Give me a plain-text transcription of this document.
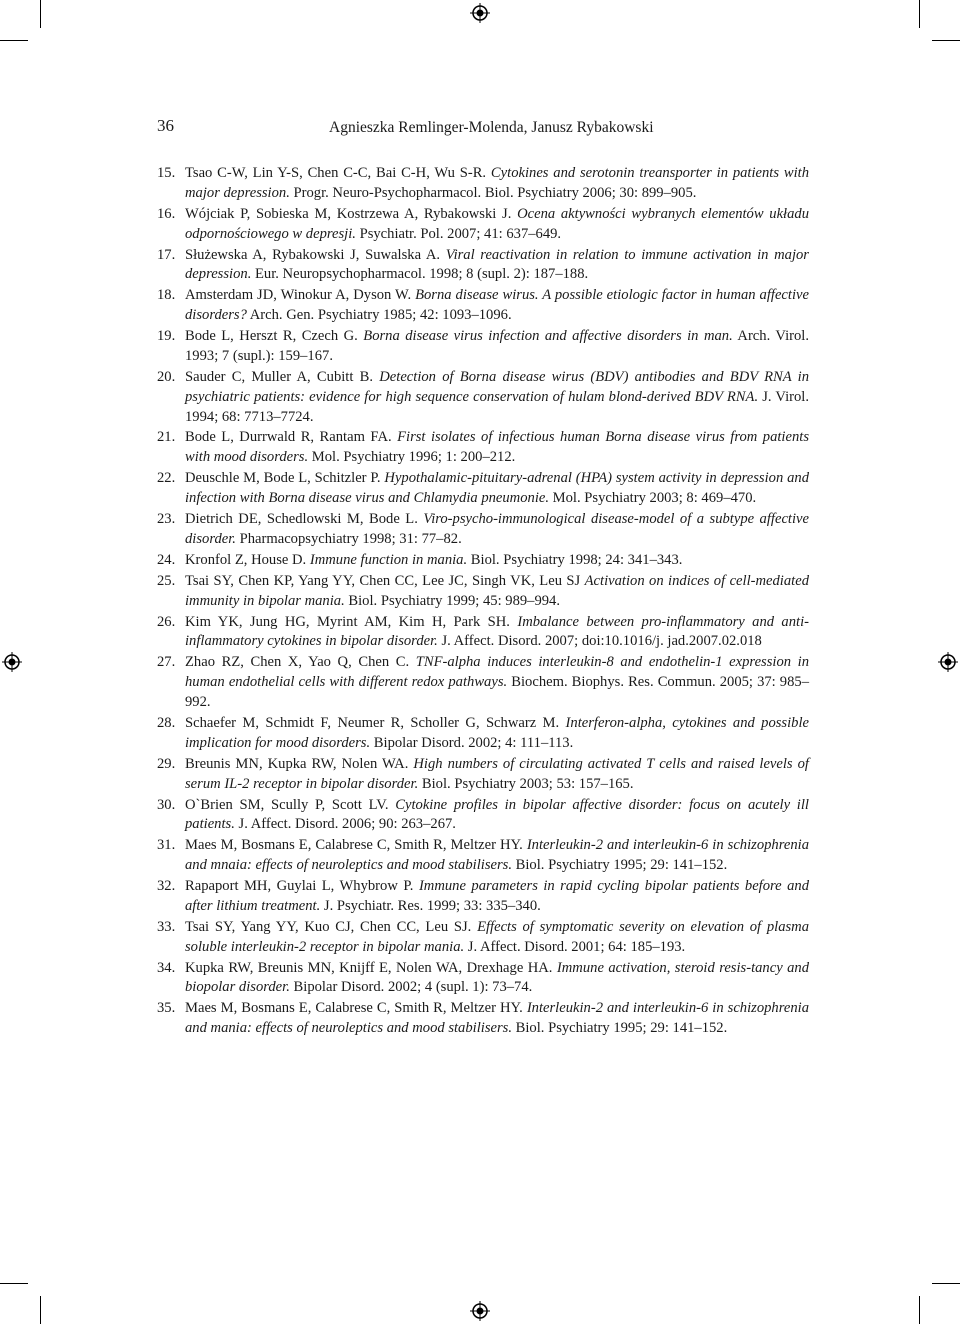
36	Agnieszka Remlinger-Molenda, Janusz Rybakowski
15. Tsao C-W, Lin Y-S, Chen C-C, Bai C-H, Wu S-R. Cytokines and serotonin treansporter in patients with major depression. Progr. Neuro-Psychopharmacol. Biol. Psychiatry 2006; 30: 899–905.
16. Wójciak P, Sobieska M, Kostrzewa A, Rybakowski J. Ocena aktywności wybranych elementów układu odpornościowego w depresji. Psychiatr. Pol. 2007; 41: 637–649.
17. Służewska A, Rybakowski J, Suwalska A. Viral reactivation in relation to immune activation in major depression. Eur. Neuropsychopharmacol. 1998; 8 (supl. 2): 187–188.
18. Amsterdam JD, Winokur A, Dyson W. Borna disease wirus. A possible etiologic factor in human affective disorders? Arch. Gen. Psychiatry 1985; 42: 1093–1096.
19. Bode L, Herszt R, Czech G. Borna disease virus infection and affective disorders in man. Arch. Virol. 1993; 7 (supl.): 159–167.
20. Sauder C, Muller A, Cubitt B. Detection of Borna disease wirus (BDV) antibodies and BDV RNA in psychiatric patients: evidence for high sequence conservation of hulam blond-derived BDV RNA. J. Virol. 1994; 68: 7713–7724.
21. Bode L, Durrwald R, Rantam FA. First isolates of infectious human Borna disease virus from patients with mood disorders. Mol. Psychiatry 1996; 1: 200–212.
22. Deuschle M, Bode L, Schitzler P. Hypothalamic-pituitary-adrenal (HPA) system activity in depression and infection with Borna disease virus and Chlamydia pneumonie. Mol. Psychiatry 2003; 8: 469–470.
23. Dietrich DE, Schedlowski M, Bode L. Viro-psycho-immunological disease-model of a subtype affective disorder. Pharmacopsychiatry 1998; 31: 77–82.
24. Kronfol Z, House D. Immune function in mania. Biol. Psychiatry 1998; 24: 341–343.
25. Tsai SY, Chen KP, Yang YY, Chen CC, Lee JC, Singh VK, Leu SJ Activation on indices of cell-mediated immunity in bipolar mania. Biol. Psychiatry 1999; 45: 989–994.
26. Kim YK, Jung HG, Myrint AM, Kim H, Park SH. Imbalance between pro-inflammatory and anti-inflammatory cytokines in bipolar disorder. J. Affect. Disord. 2007; doi:10.1016/j. jad.2007.02.018
27. Zhao RZ, Chen X, Yao Q, Chen C. TNF-alpha induces interleukin-8 and endothelin-1 expression in human endothelial cells with different redox pathways. Biochem. Biophys. Res. Commun. 2005; 37: 985–992.
28. Schaefer M, Schmidt F, Neumer R, Scholler G, Schwarz M. Interferon-alpha, cytokines and possible implication for mood disorders. Bipolar Disord. 2002; 4: 111–113.
29. Breunis MN, Kupka RW, Nolen WA. High numbers of circulating activated T cells and raised levels of serum IL-2 receptor in bipolar disorder. Biol. Psychiatry 2003; 53: 157–165.
30. O`Brien SM, Scully P, Scott LV. Cytokine profiles in bipolar affective disorder: focus on acutely ill patients. J. Affect. Disord. 2006; 90: 263–267.
31. Maes M, Bosmans E, Calabrese C, Smith R, Meltzer HY. Interleukin-2 and interleukin-6 in schizophrenia and mnaia: effects of neuroleptics and mood stabilisers. Biol. Psychiatry 1995; 29: 141–152.
32. Rapaport MH, Guylai L, Whybrow P. Immune parameters in rapid cycling bipolar patients before and after lithium treatment. J. Psychiatr. Res. 1999; 33: 335–340.
33. Tsai SY, Yang YY, Kuo CJ, Chen CC, Leu SJ. Effects of symptomatic severity on elevation of plasma soluble interleukin-2 receptor in bipolar mania. J. Affect. Disord. 2001; 64: 185–193.
34. Kupka RW, Breunis MN, Knijff E, Nolen WA, Drexhage HA. Immune activation, steroid resis-tancy and biopolar disorder. Bipolar Disord. 2002; 4 (supl. 1): 73–74.
35. Maes M, Bosmans E, Calabrese C, Smith R, Meltzer HY. Interleukin-2 and interleukin-6 in schizophrenia and mania: effects of neuroleptics and mood stabilisers. Biol. Psychiatry 1995; 29: 141–152.
